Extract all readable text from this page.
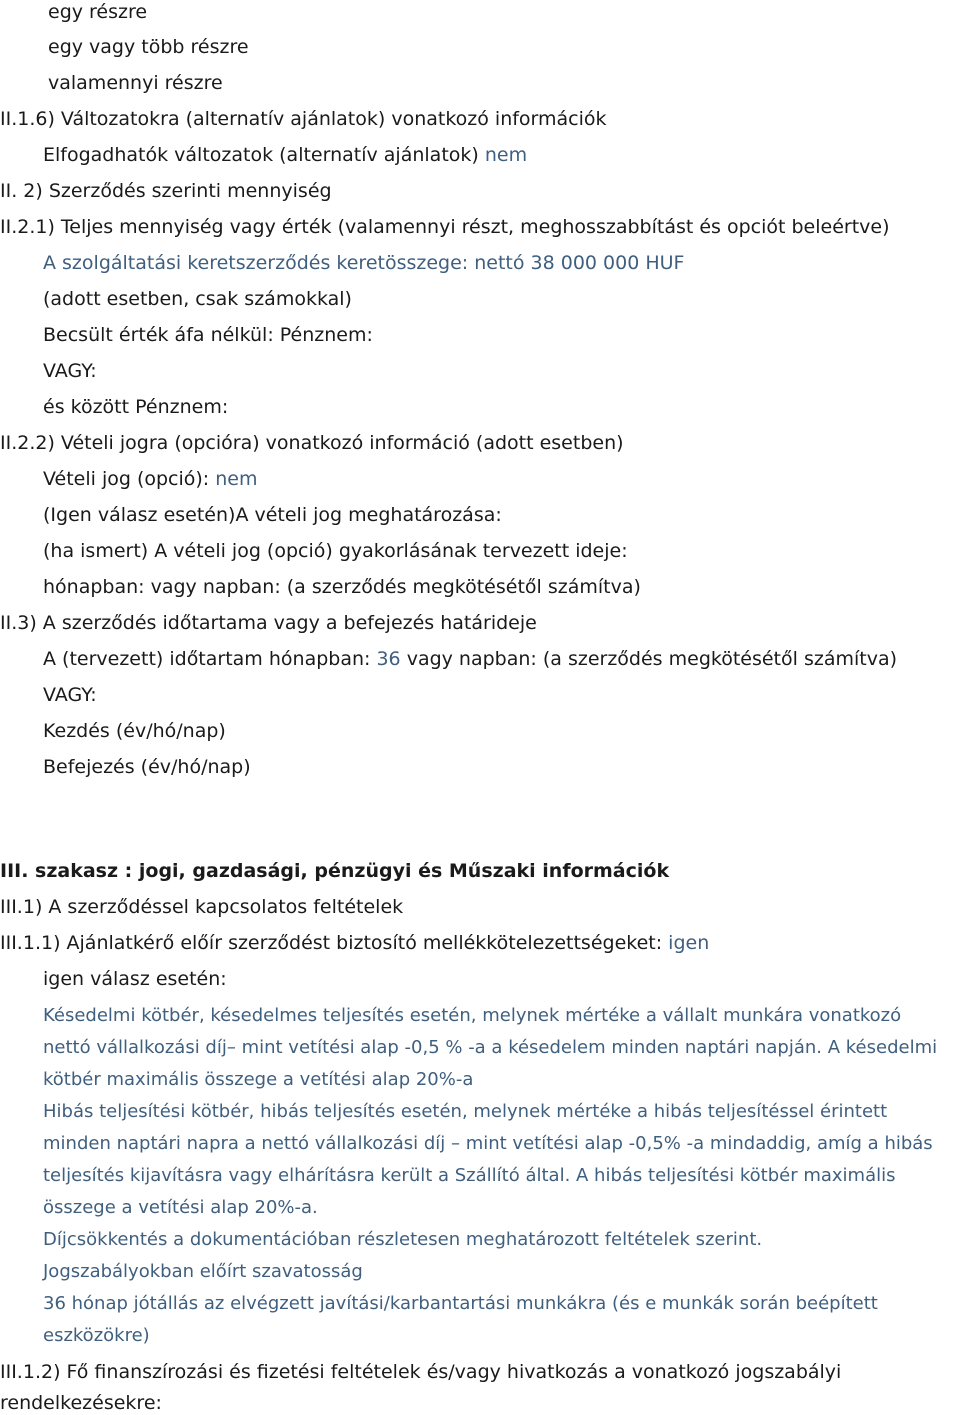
egy részre
egy vagy több részre
valamennyi részre
II.1.6) Változatokra (alternatív ajánlatok) vonatkozó információk
Elfogadhatók változatok (alternatív ajánlatok) nem
II. 2) Szerződés szerinti mennyiség
II.2.1) Teljes mennyiség vagy érték (valamennyi részt, meghosszabbítást és opciót beleértve)
A szolgáltatási keretszerződés keretösszege: nettó 38 000 000 HUF
(adott esetben, csak számokkal)
Becsült érték áfa nélkül: Pénznem:
VAGY:
és között Pénznem:
II.2.2) Vételi jogra (opcióra) vonatkozó információ (adott esetben)
Vételi jog (opció): nem
(Igen válasz esetén)A vételi jog meghatározása:
(ha ismert) A vételi jog (opció) gyakorlásának tervezett ideje:
hónapban: vagy napban: (a szerződés megkötésétől számítva)
II.3) A szerződés időtartama vagy a befejezés határideje
A (tervezett) időtartam hónapban: 36 vagy napban: (a szerződés megkötésétől számítva)
VAGY:
Kezdés (év/hó/nap)
Befejezés (év/hó/nap)
III. szakasz : jogi, gazdasági, pénzügyi és Műszaki információk
III.1) A szerződéssel kapcsolatos feltételek
III.1.1) Ajánlatkérő előír szerződést biztosító mellékkötelezettségeket: igen
igen válasz esetén:
Késedelmi kötbér, késedelmes teljesítés esetén, melynek mértéke a vállalt munkára vonatkozó
nettó vállalkozási díj– mint vetítési alap -0,5 % -a a késedelem minden naptári napján. A késedelmi
kötbér maximális összege a vetítési alap 20%-a
Hibás teljesítési kötbér, hibás teljesítés esetén, melynek mértéke a hibás teljesítéssel érintett
minden naptári napra a nettó vállalkozási díj – mint vetítési alap -0,5% -a mindaddig, amíg a hibás
teljesítés kijavításra vagy elhárításra került a Szállító által. A hibás teljesítési kötbér maximális
összege a vetítési alap 20%-a.
Díjcsökkentés a dokumentációban részletesen meghatározott feltételek szerint.
Jogszabályokban előírt szavatosság
36 hónap jótállás az elvégzett javítási/karbantartási munkákra (és e munkák során beépített
eszközökre)
III.1.2) Fő finanszírozási és fizetési feltételek és/vagy hivatkozás a vonatkozó jogszabályi
rendelkezésekre:
